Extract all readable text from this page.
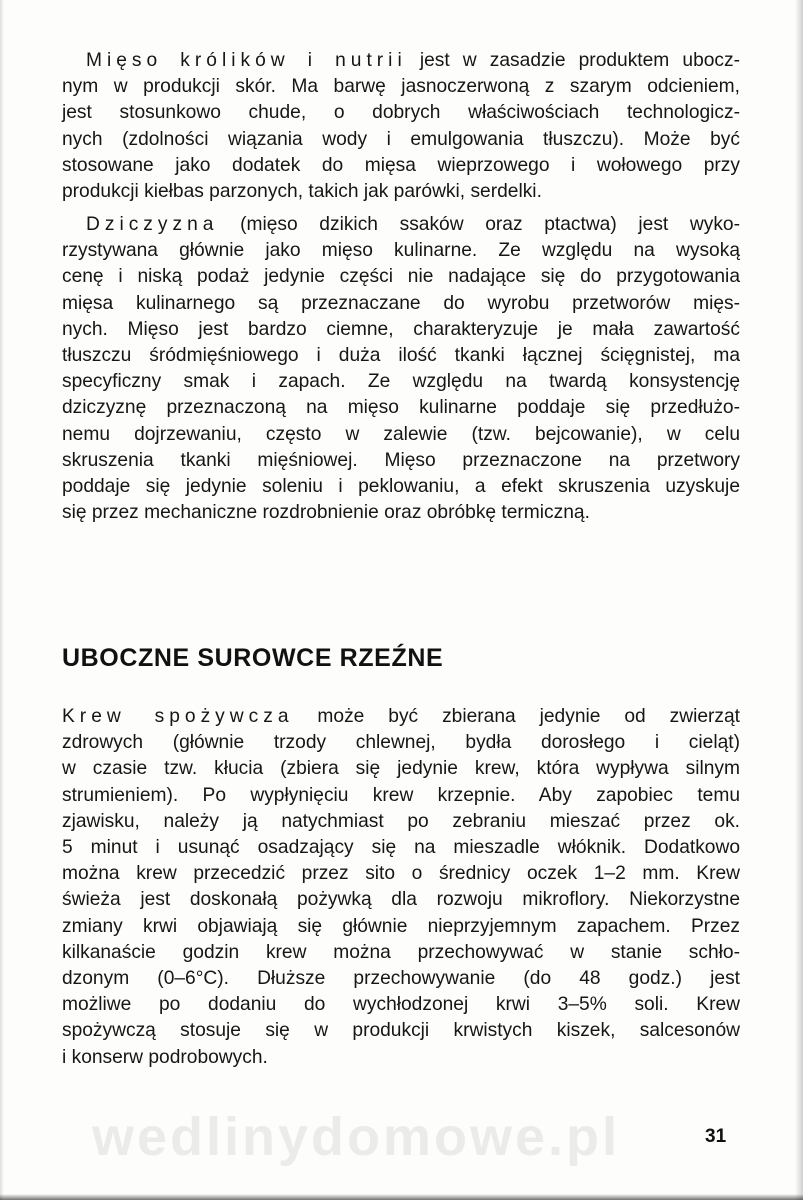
Mięso królików i nutrii jest w zasadzie produktem ubocz-
nym w produkcji skór. Ma barwę jasnoczerwoną z szarym odcieniem,
jest stosunkowo chude, o dobrych właściwościach technologicz-
nych (zdolności wiązania wody i emulgowania tłuszczu). Może być
stosowane jako dodatek do mięsa wieprzowego i wołowego przy
produkcji kiełbas parzonych, takich jak parówki, serdelki.

Dziczyzna (mięso dzikich ssaków oraz ptactwa) jest wyko-
rzystywana głównie jako mięso kulinarne. Ze względu na wysoką
cenę i niską podaż jedynie części nie nadające się do przygotowania
mięsa kulinarnego są przeznaczane do wyrobu przetworów mięs-
nych. Mięso jest bardzo ciemne, charakteryzuje je mała zawartość
tłuszczu śródmięśniowego i duża ilość tkanki łącznej ścięgnistej, ma
specyficzny smak i zapach. Ze względu na twardą konsystencję
dziczyznę przeznaczoną na mięso kulinarne poddaje się przedłużo-
nemu dojrzewaniu, często w zalewie (tzw. bejcowanie), w celu
skruszenia tkanki mięśniowej. Mięso przeznaczone na przetwory
poddaje się jedynie soleniu i peklowaniu, a efekt skruszenia uzyskuje
się przez mechaniczne rozdrobnienie oraz obróbkę termiczną.

UBOCZNE SUROWCE RZEŹNE

Krew spożywcza może być zbierana jedynie od zwierząt
zdrowych (głównie trzody chlewnej, bydła dorosłego i cieląt)
w czasie tzw. kłucia (zbiera się jedynie krew, która wypływa silnym
strumieniem). Po wypłynięciu krew krzepnie. Aby zapobiec temu
zjawisku, należy ją natychmiast po zebraniu mieszać przez ok.
5 minut i usunąć osadzający się na mieszadle włóknik. Dodatkowo
można krew przecedzić przez sito o średnicy oczek 1–2 mm. Krew
świeża jest doskonałą pożywką dla rozwoju mikroflory. Niekorzystne
zmiany krwi objawiają się głównie nieprzyjemnym zapachem. Przez
kilkanaście godzin krew można przechowywać w stanie schło-
dzonym (0–6°C). Dłuższe przechowywanie (do 48 godz.) jest
możliwe po dodaniu do wychłodzonej krwi 3–5% soli. Krew
spożywczą stosuje się w produkcji krwistych kiszek, salcesonów
i konserw podrobowych.

wedlinydomowe.pl	31
